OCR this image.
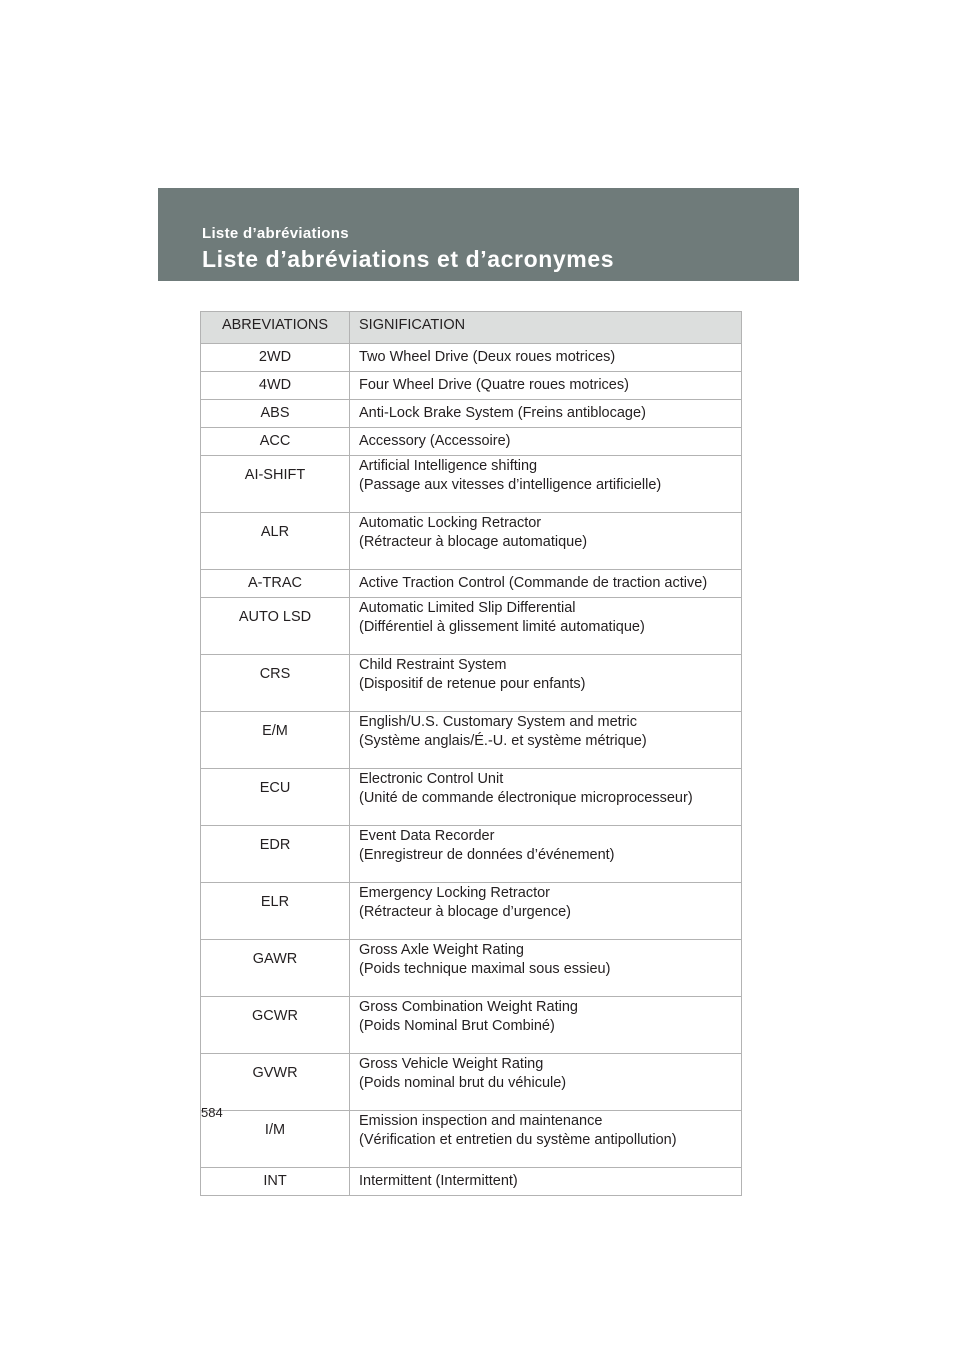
Liste d’abréviations
Liste d’abréviations et d’acronymes
ABREVIATIONS	SIGNIFICATION
2WD	Two Wheel Drive (Deux roues motrices)

4WD	Four Wheel Drive (Quatre roues motrices)

ABS	Anti-Lock Brake System (Freins antiblocage)

ACC	Accessory (Accessoire)

AI-SHIFT	Artificial Intelligence shifting
(Passage aux vitesses d’intelligence artificielle)

ALR	Automatic Locking Retractor
(Rétracteur à blocage automatique)

A-TRAC	Active Traction Control (Commande de traction active)

AUTO LSD	Automatic Limited Slip Differential
(Différentiel à glissement limité automatique)

CRS	Child Restraint System
(Dispositif de retenue pour enfants)

E/M	English/U.S. Customary System and metric
(Système anglais/É.-U. et système métrique)

ECU	Electronic Control Unit
(Unité de commande électronique microprocesseur)

EDR	Event Data Recorder
(Enregistreur de données d’événement)

ELR	Emergency Locking Retractor
(Rétracteur à blocage d’urgence)

GAWR	Gross Axle Weight Rating
(Poids technique maximal sous essieu)

GCWR	Gross Combination Weight Rating
(Poids Nominal Brut Combiné)

GVWR	Gross Vehicle Weight Rating
(Poids nominal brut du véhicule)

I/M	Emission inspection and maintenance
(Vérification et entretien du système antipollution)

INT	Intermittent (Intermittent)
584
